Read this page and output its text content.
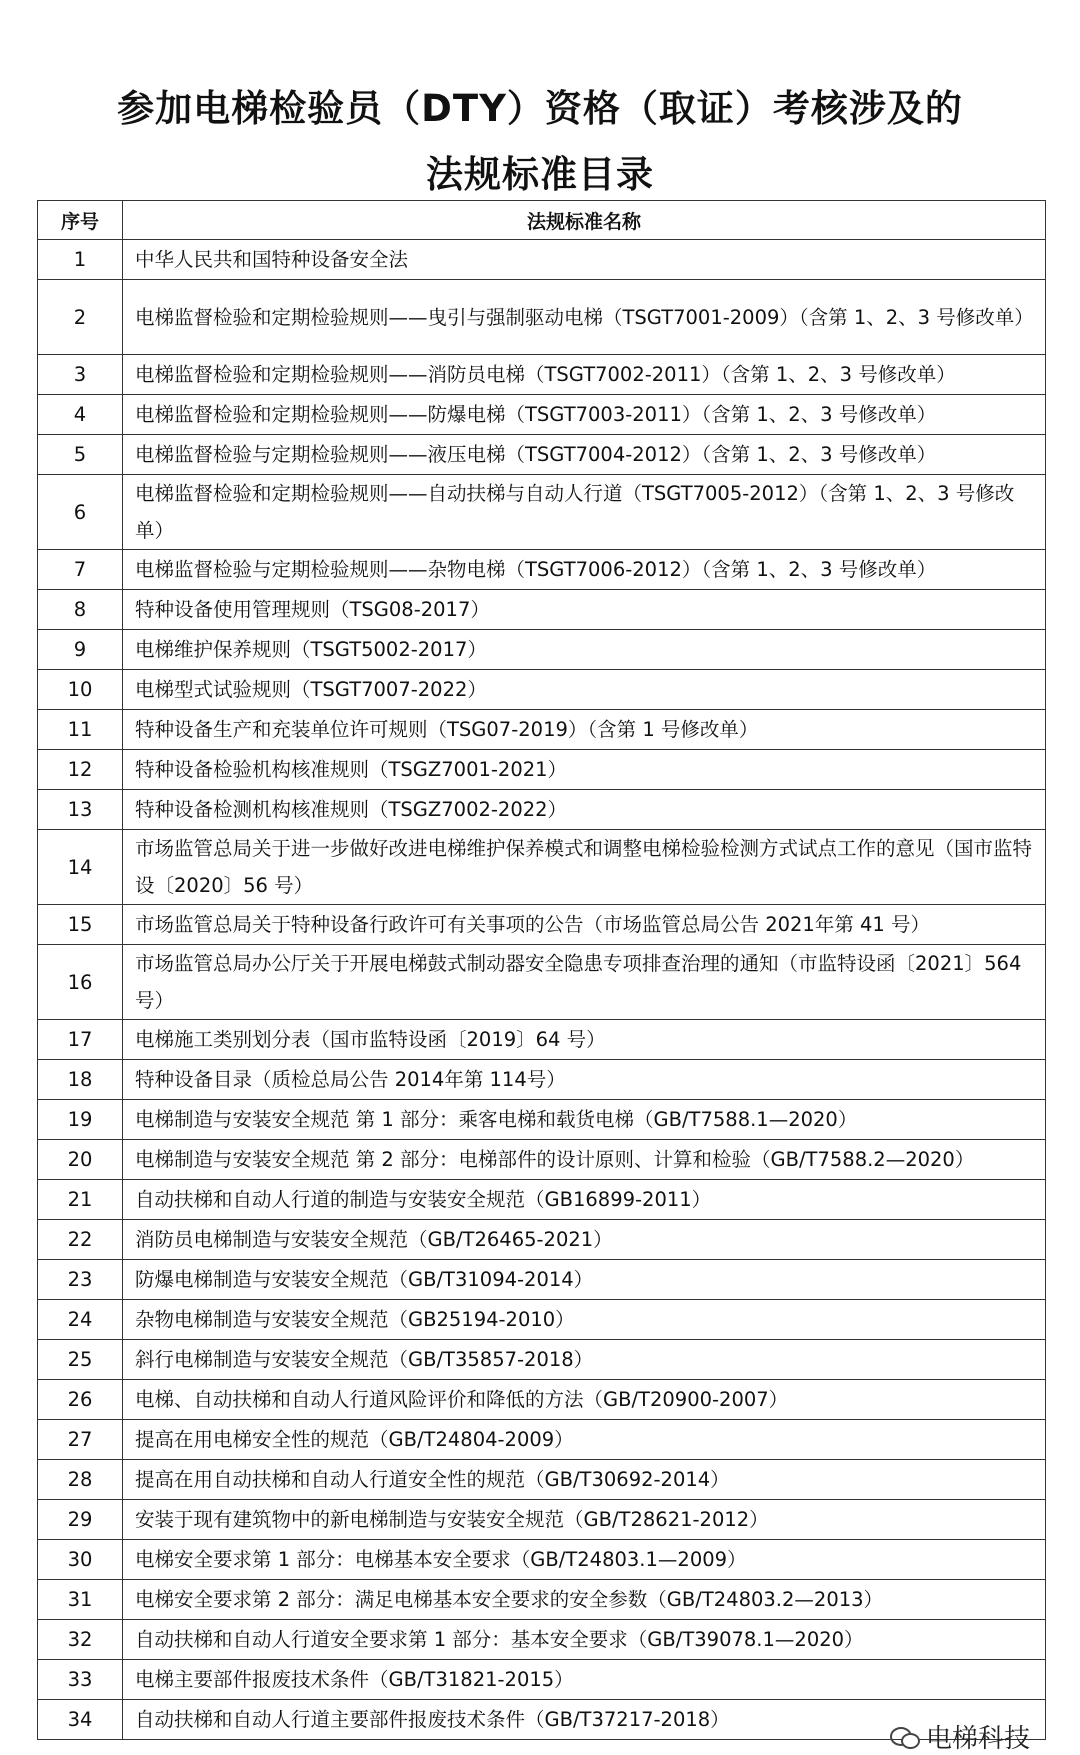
参加电梯检验员（DTY）资格（取证）考核涉及的
法规标准目录
序号	法规标准名称
1	中华人民共和国特种设备安全法
2	电梯监督检验和定期检验规则——曳引与强制驱动电梯（TSGT7001-2009）（含第 1、2、3 号修改单）
3	电梯监督检验和定期检验规则——消防员电梯（TSGT7002-2011）（含第 1、2、3 号修改单）
4	电梯监督检验和定期检验规则——防爆电梯（TSGT7003-2011）（含第 1、2、3 号修改单）
5	电梯监督检验与定期检验规则——液压电梯（TSGT7004-2012）（含第 1、2、3 号修改单）
6	电梯监督检验和定期检验规则——自动扶梯与自动人行道（TSGT7005-2012）（含第 1、2、3 号修改单）
7	电梯监督检验与定期检验规则——杂物电梯（TSGT7006-2012）（含第 1、2、3 号修改单）
8	特种设备使用管理规则（TSG08-2017）
9	电梯维护保养规则（TSGT5002-2017）
10	电梯型式试验规则（TSGT7007-2022）
11	特种设备生产和充装单位许可规则（TSG07-2019）（含第 1 号修改单）
12	特种设备检验机构核准规则（TSGZ7001-2021）
13	特种设备检测机构核准规则（TSGZ7002-2022）
14	市场监管总局关于进一步做好改进电梯维护保养模式和调整电梯检验检测方式试点工作的意见（国市监特设〔2020〕56 号）
15	市场监管总局关于特种设备行政许可有关事项的公告（市场监管总局公告 2021年第 41 号）
16	市场监管总局办公厅关于开展电梯鼓式制动器安全隐患专项排查治理的通知（市监特设函〔2021〕564 号）
17	电梯施工类别划分表（国市监特设函〔2019〕64 号）
18	特种设备目录（质检总局公告 2014年第 114号）
19	电梯制造与安装安全规范 第 1 部分：乘客电梯和载货电梯（GB/T7588.1—2020）
20	电梯制造与安装安全规范 第 2 部分：电梯部件的设计原则、计算和检验（GB/T7588.2—2020）
21	自动扶梯和自动人行道的制造与安装安全规范（GB16899-2011）
22	消防员电梯制造与安装安全规范（GB/T26465-2021）
23	防爆电梯制造与安装安全规范（GB/T31094-2014）
24	杂物电梯制造与安装安全规范（GB25194-2010）
25	斜行电梯制造与安装安全规范（GB/T35857-2018）
26	电梯、自动扶梯和自动人行道风险评价和降低的方法（GB/T20900-2007）
27	提高在用电梯安全性的规范（GB/T24804-2009）
28	提高在用自动扶梯和自动人行道安全性的规范（GB/T30692-2014）
29	安装于现有建筑物中的新电梯制造与安装安全规范（GB/T28621-2012）
30	电梯安全要求第 1 部分：电梯基本安全要求（GB/T24803.1—2009）
31	电梯安全要求第 2 部分：满足电梯基本安全要求的安全参数（GB/T24803.2—2013）
32	自动扶梯和自动人行道安全要求第 1 部分：基本安全要求（GB/T39078.1—2020）
33	电梯主要部件报废技术条件（GB/T31821-2015）
34	自动扶梯和自动人行道主要部件报废技术条件（GB/T37217-2018）
电梯科技
